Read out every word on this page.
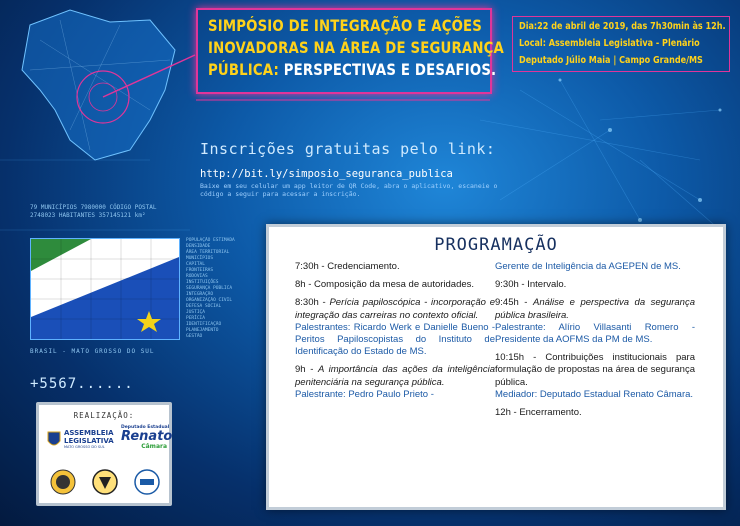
SIMPÓSIO DE INTEGRAÇÃO E AÇÕES
INOVADORAS NA ÁREA DE SEGURANÇA
PÚBLICA: PERSPECTIVAS E DESAFIOS.
Dia:22 de abril de 2019, das 7h30min às 12h.
Local: Assembleia Legislativa - Plenário
Deputado Júlio Maia | Campo Grande/MS
Inscrições gratuitas pelo link:
http://bit.ly/simposio_seguranca_publica
Baixe em seu celular um app leitor de QR Code, abra o aplicativo, escaneie o código a seguir para acessar a inscrição.
79 MUNICÍPIOS 7980000 CÓDIGO POSTAL
2748023 HABITANTES 357145121 km²
BRASIL - MATO GROSSO DO SUL
+5567......
POPULAÇÃO ESTIMADA
DENSIDADE
ÁREA TERRITORIAL
MUNICÍPIOS
CAPITAL
FRONTEIRAS
RODOVIAS
INSTITUIÇÕES
SEGURANÇA PÚBLICA
INTEGRAÇÃO
ORGANIZAÇÃO CIVIL
DEFESA SOCIAL
JUSTIÇA
PERÍCIA
IDENTIFICAÇÃO
PLANEJAMENTO
GESTÃO
REALIZAÇÃO:
ASSEMBLEIA
LEGISLATIVA
MATO GROSSO DO SUL
Deputado Estadual
Renato
Câmara
PROGRAMAÇÃO
7:30h - Credenciamento.
8h - Composição da mesa de autoridades.
8:30h - Perícia papiloscópica - incorporação e integração das carreiras no contexto oficial.
Palestrantes: Ricardo Werk e Danielle Bueno - Peritos Papiloscopistas do Instituto de Identificação do Estado de MS.
9h - A importância das ações da inteligência penitenciária na segurança pública.
Palestrante: Pedro Paulo Prieto -
Gerente de Inteligência da AGEPEN de MS.
9:30h - Intervalo.
9:45h - Análise e perspectiva da segurança pública brasileira.
Palestrante: Alírio Villasanti Romero - Presidente da AOFMS da PM de MS.
10:15h - Contribuições institucionais para formulação de propostas na área de segurança pública.
Mediador: Deputado Estadual Renato Câmara.
12h - Encerramento.
